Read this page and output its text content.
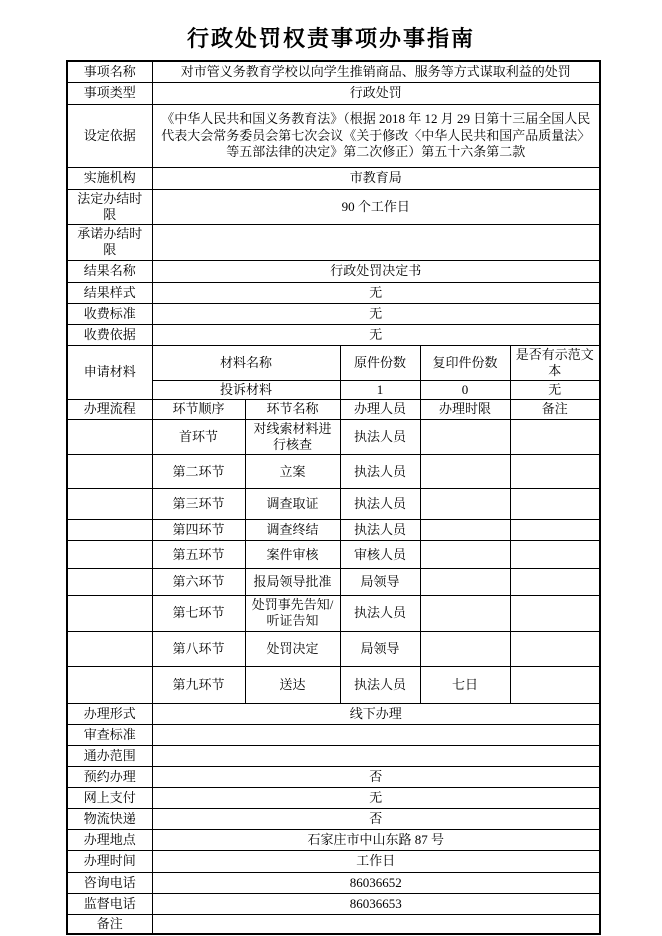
行政处罚权责事项办事指南
事项名称	对市管义务教育学校以向学生推销商品、服务等方式谋取利益的处罚				
事项类型	行政处罚				
设定依据	《中华人民共和国义务教育法》（根据 2018 年 12 月 29 日第十三届全国人民代表大会常务委员会第七次会议《关于修改〈中华人民共和国产品质量法〉等五部法律的决定》第二次修正）第五十六条第二款				
实施机构	市教育局				
法定办结时限	90 个工作日				
承诺办结时限					
结果名称	行政处罚决定书				
结果样式	无				
收费标准	无				
收费依据	无				
申请材料	材料名称		原件份数	复印件份数	是否有示范文本
	投诉材料		1	0	无
办理流程	环节顺序	环节名称	办理人员	办理时限	备注
	首环节	对线索材料进行核查	执法人员		
	第二环节	立案	执法人员		
	第三环节	调查取证	执法人员		
	第四环节	调查终结	执法人员		
	第五环节	案件审核	审核人员		
	第六环节	报局领导批准	局领导		
	第七环节	处罚事先告知/听证告知	执法人员		
	第八环节	处罚决定	局领导		
	第九环节	送达	执法人员	七日	
办理形式	线下办理				
审查标准					
通办范围					
预约办理	否				
网上支付	无				
物流快递	否				
办理地点	石家庄市中山东路 87 号				
办理时间	工作日				
咨询电话	86036652				
监督电话	86036653				
备注					
